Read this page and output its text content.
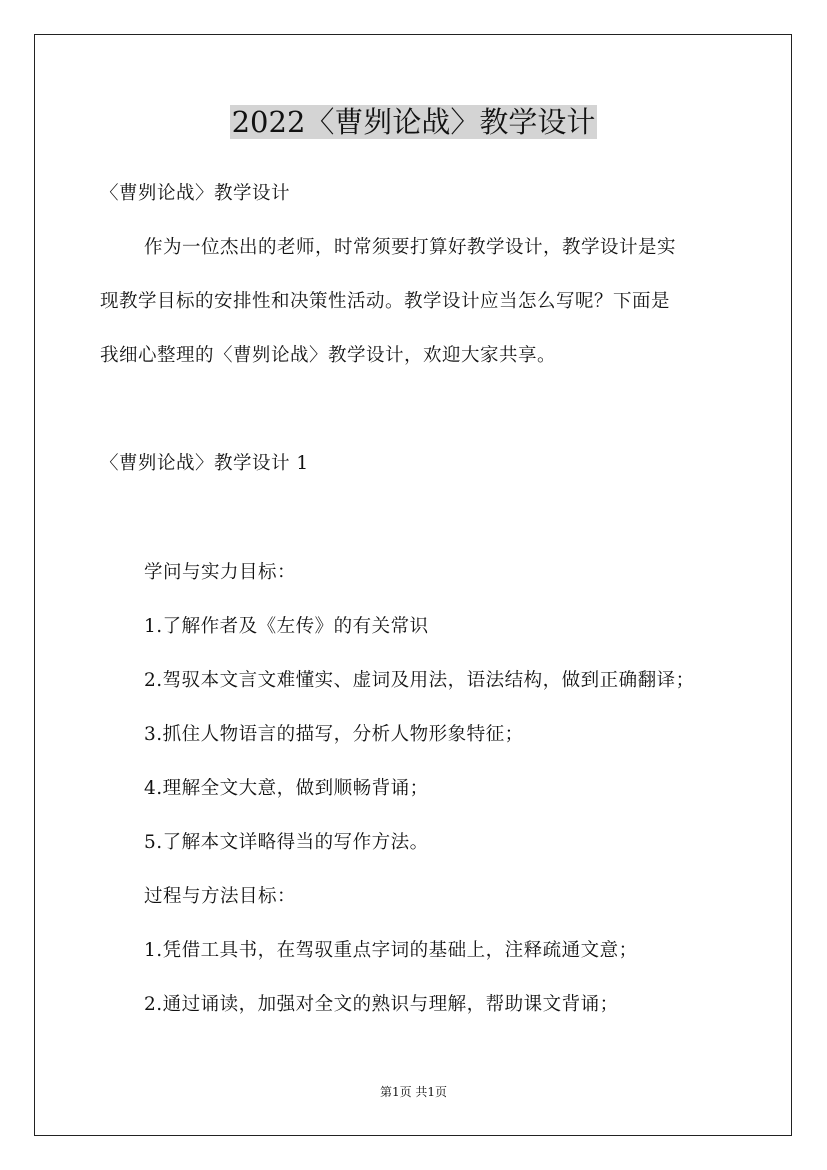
2022〈曹刿论战〉教学设计
〈曹刿论战〉教学设计
作为一位杰出的老师，时常须要打算好教学设计，教学设计是实
现教学目标的安排性和决策性活动。教学设计应当怎么写呢？下面是
我细心整理的〈曹刿论战〉教学设计，欢迎大家共享。
〈曹刿论战〉教学设计 1
学问与实力目标：
1.了解作者及《左传》的有关常识
2.驾驭本文言文难懂实、虚词及用法，语法结构，做到正确翻译；
3.抓住人物语言的描写，分析人物形象特征；
4.理解全文大意，做到顺畅背诵；
5.了解本文详略得当的写作方法。
过程与方法目标：
1.凭借工具书，在驾驭重点字词的基础上，注释疏通文意；
2.通过诵读，加强对全文的熟识与理解，帮助课文背诵；
第1页 共1页
